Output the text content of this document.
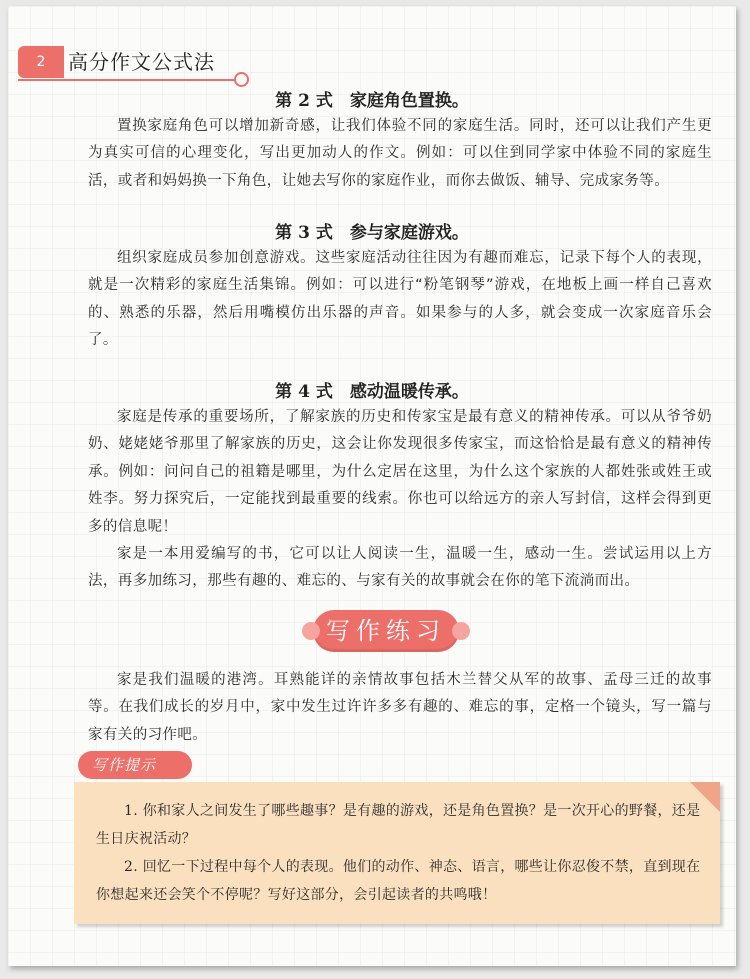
2	高分作文公式法
第 2 式　家庭角色置换。

置换家庭角色可以增加新奇感，让我们体验不同的家庭生活。同时，还可以让我们产生更为真实可信的心理变化，写出更加动人的作文。例如：可以住到同学家中体验不同的家庭生活，或者和妈妈换一下角色，让她去写你的家庭作业，而你去做饭、辅导、完成家务等。

第 3 式　参与家庭游戏。

组织家庭成员参加创意游戏。这些家庭活动往往因为有趣而难忘，记录下每个人的表现，就是一次精彩的家庭生活集锦。例如：可以进行“粉笔钢琴”游戏，在地板上画一样自己喜欢的、熟悉的乐器，然后用嘴模仿出乐器的声音。如果参与的人多，就会变成一次家庭音乐会了。

第 4 式　感动温暖传承。

家庭是传承的重要场所，了解家族的历史和传家宝是最有意义的精神传承。可以从爷爷奶奶、姥姥姥爷那里了解家族的历史，这会让你发现很多传家宝，而这恰恰是最有意义的精神传承。例如：问问自己的祖籍是哪里，为什么定居在这里，为什么这个家族的人都姓张或姓王或姓李。努力探究后，一定能找到最重要的线索。你也可以给远方的亲人写封信，这样会得到更多的信息呢！

家是一本用爱编写的书，它可以让人阅读一生，温暖一生，感动一生。尝试运用以上方法，再多加练习，那些有趣的、难忘的、与家有关的故事就会在你的笔下流淌而出。

写作练习

家是我们温暖的港湾。耳熟能详的亲情故事包括木兰替父从军的故事、孟母三迁的故事等。在我们成长的岁月中，家中发生过许许多多有趣的、难忘的事，定格一个镜头，写一篇与家有关的习作吧。

写作提示

1. 你和家人之间发生了哪些趣事？是有趣的游戏，还是角色置换？是一次开心的野餐，还是生日庆祝活动？

2. 回忆一下过程中每个人的表现。他们的动作、神态、语言，哪些让你忍俊不禁，直到现在你想起来还会笑个不停呢？写好这部分，会引起读者的共鸣哦！
